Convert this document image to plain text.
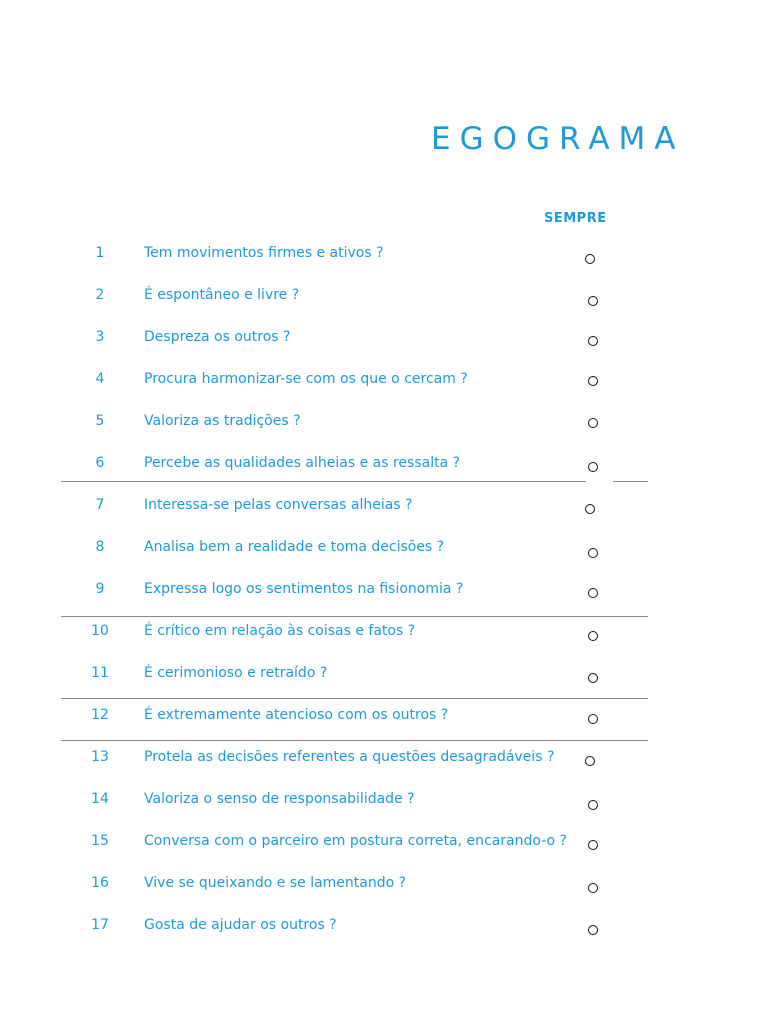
EGOGRAMA
SEMPRE
1	Tem movimentos firmes e ativos ?
2	É espontâneo e livre ?
3	Despreza os outros ?
4	Procura harmonizar-se com os que o cercam ?
5	Valoriza as tradições ?
6	Percebe as qualidades alheias e as ressalta ?
7	Interessa-se pelas conversas alheias ?
8	Analisa bem a realidade e toma decisões ?
9	Expressa logo os sentimentos na fisionomia ?
10	É crítico em relação às coisas e fatos ?
11	É cerimonioso e retraído ?
12	É extremamente atencioso com os outros ?
13	Protela as decisões referentes a questões desagradáveis ?
14	Valoriza o senso de responsabilidade ?
15	Conversa com o parceiro em postura correta, encarando-o ?
16	Vive se queixando e se lamentando ?
17	Gosta de ajudar os outros ?
